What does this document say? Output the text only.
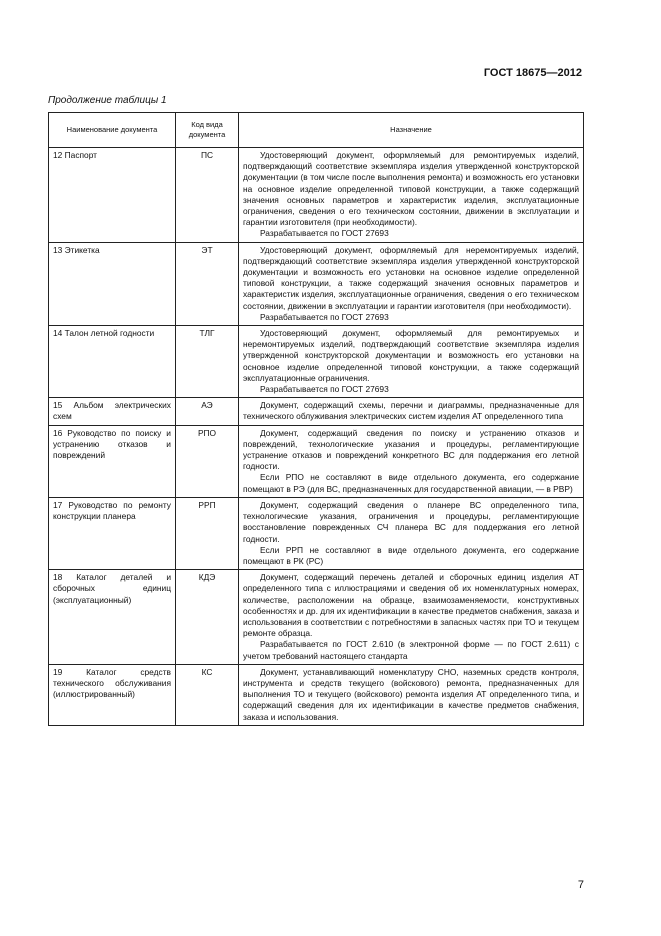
ГОСТ 18675—2012
Продолжение таблицы 1
Наименование документа	Код вида документа	Назначение
12 Паспорт	ПС	Удостоверяющий документ, оформляемый для ремонтируемых изделий, подтверждающий соответствие экземпляра изделия утвержденной конструкторской документации (в том числе после выполнения ремонта) и возможность его установки на основное изделие определенной типовой конструкции, а также содержащий значения основных параметров и характеристик изделия, эксплуатационные ограничения, сведения о его техническом состоянии, движении в эксплуатации и гарантии изготовителя (при необходимости).
Разрабатывается по ГОСТ 27693

13 Этикетка	ЭТ	Удостоверяющий документ, оформляемый для неремонтируемых изделий, подтверждающий соответствие экземпляра изделия утвержденной конструкторской документации и возможность его установки на основное изделие определенной типовой конструкции, а также содержащий значения основных параметров и характеристик изделия, эксплуатационные ограничения, сведения о его техническом состоянии, движении в эксплуатации и гарантии изготовителя (при необходимости).
Разрабатывается по ГОСТ 27693

14 Талон летной годности	ТЛГ	Удостоверяющий документ, оформляемый для ремонтируемых и неремонтируемых изделий, подтверждающий соответствие экземпляра изделия утвержденной конструкторской документации и возможность его установки на основное изделие определенной типовой конструкции, а также содержащий эксплуатационные ограничения.
Разрабатывается по ГОСТ 27693

15 Альбом электрических схем	АЭ	Документ, содержащий схемы, перечни и диаграммы, предназначенные для технического облуживания электрических систем изделия АТ определенного типа

16 Руководство по поиску и устранению отказов и повреждений	РПО	Документ, содержащий сведения по поиску и устранению отказов и повреждений, технологические указания и процедуры, регламентирующие устранение отказов и повреждений конкретного ВС для поддержания его летной годности.
Если РПО не составляют в виде отдельного документа, его содержание помещают в РЭ (для ВС, предназначенных для государственной авиации, — в РВР)

17 Руководство по ремонту конструкции планера	РРП	Документ, содержащий сведения о планере ВС определенного типа, технологические указания, ограничения и процедуры, регламентирующие восстановление поврежденных СЧ планера ВС для поддержания его летной годности.
Если РРП не составляют в виде отдельного документа, его содержание помещают в РК (РС)

18 Каталог деталей и сборочных единиц (эксплуатационный)	КДЭ	Документ, содержащий перечень деталей и сборочных единиц изделия АТ определенного типа с иллюстрациями и сведения об их номенклатурных номерах, количестве, расположении на образце, взаимозаменяемости, конструктивных особенностях и др. для их идентификации в качестве предметов снабжения, заказа и использования в соответствии с потребностями в запасных частях при ТО и текущем ремонте образца.
Разрабатывается по ГОСТ 2.610 (в электронной форме — по ГОСТ 2.611) с учетом требований настоящего стандарта

19 Каталог средств технического обслуживания (иллюстрированный)	КС	Документ, устанавливающий номенклатуру СНО, наземных средств контроля, инструмента и средств текущего (войскового) ремонта, предназначенных для выполнения ТО и текущего (войскового) ремонта изделия АТ определенного типа, и содержащий сведения для их идентификации в качестве предметов снабжения, заказа и использования.
7
